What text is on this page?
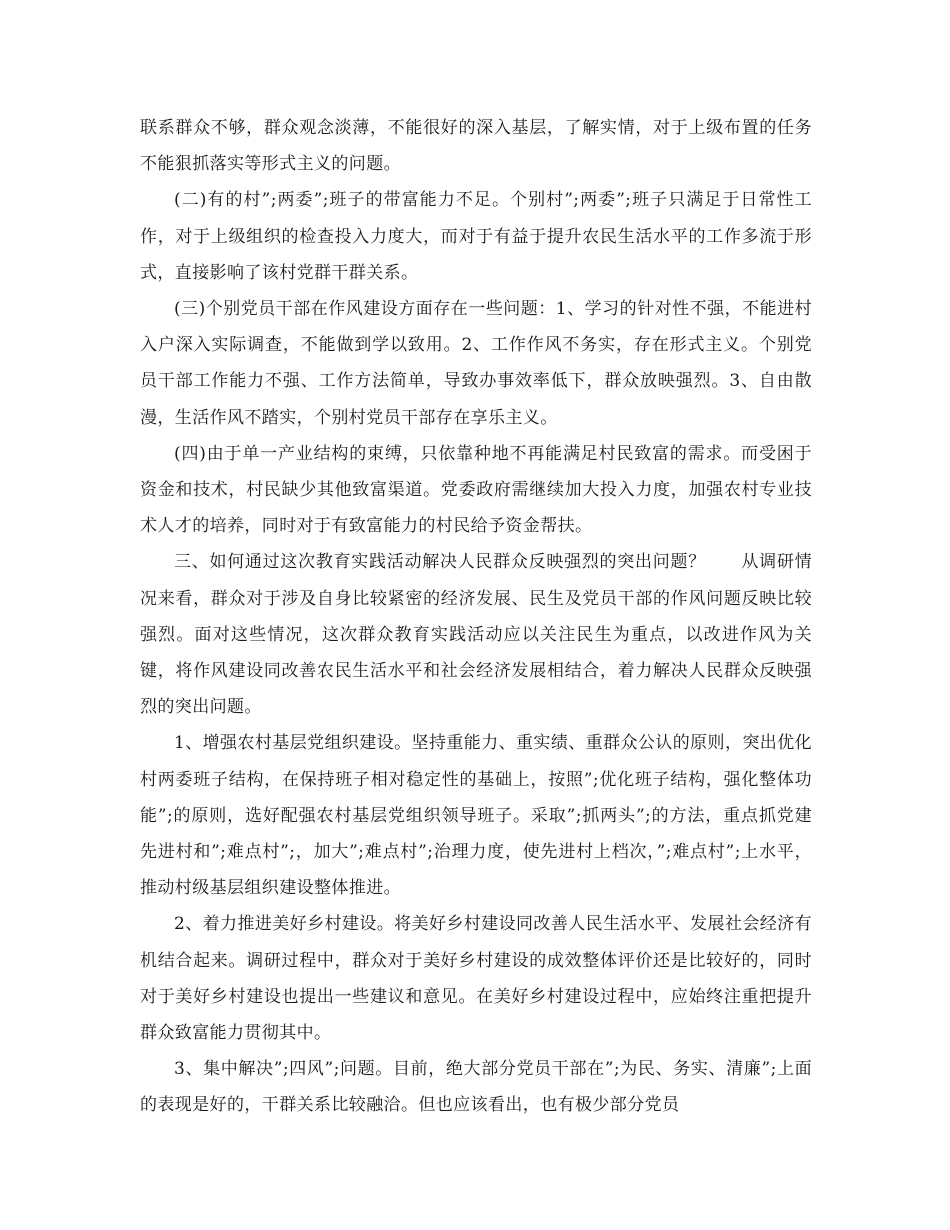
联系群众不够，群众观念淡薄，不能很好的深入基层，了解实情，对于上级布置的任务不能狠抓落实等形式主义的问题。

(二)有的村”;两委”;班子的带富能力不足。个别村”;两委”;班子只满足于日常性工作，对于上级组织的检查投入力度大，而对于有益于提升农民生活水平的工作多流于形式，直接影响了该村党群干群关系。

(三)个别党员干部在作风建设方面存在一些问题：1、学习的针对性不强，不能进村入户深入实际调查，不能做到学以致用。2、工作作风不务实，存在形式主义。个别党员干部工作能力不强、工作方法简单，导致办事效率低下，群众放映强烈。3、自由散漫，生活作风不踏实，个别村党员干部存在享乐主义。

(四)由于单一产业结构的束缚，只依靠种地不再能满足村民致富的需求。而受困于资金和技术，村民缺少其他致富渠道。党委政府需继续加大投入力度，加强农村专业技术人才的培养，同时对于有致富能力的村民给予资金帮扶。

三、如何通过这次教育实践活动解决人民群众反映强烈的突出问题？　　从调研情况来看，群众对于涉及自身比较紧密的经济发展、民生及党员干部的作风问题反映比较强烈。面对这些情况，这次群众教育实践活动应以关注民生为重点，以改进作风为关键，将作风建设同改善农民生活水平和社会经济发展相结合，着力解决人民群众反映强烈的突出问题。

1、增强农村基层党组织建设。坚持重能力、重实绩、重群众公认的原则，突出优化村两委班子结构，在保持班子相对稳定性的基础上，按照”;优化班子结构，强化整体功能”;的原则，选好配强农村基层党组织领导班子。采取”;抓两头”;的方法，重点抓党建先进村和”;难点村”;，加大”;难点村”;治理力度，使先进村上档次，”;难点村”;上水平，推动村级基层组织建设整体推进。

2、着力推进美好乡村建设。将美好乡村建设同改善人民生活水平、发展社会经济有机结合起来。调研过程中，群众对于美好乡村建设的成效整体评价还是比较好的，同时对于美好乡村建设也提出一些建议和意见。在美好乡村建设过程中，应始终注重把提升群众致富能力贯彻其中。

3、集中解决”;四风”;问题。目前，绝大部分党员干部在”;为民、务实、清廉”;上面的表现是好的，干群关系比较融洽。但也应该看出，也有极少部分党员
